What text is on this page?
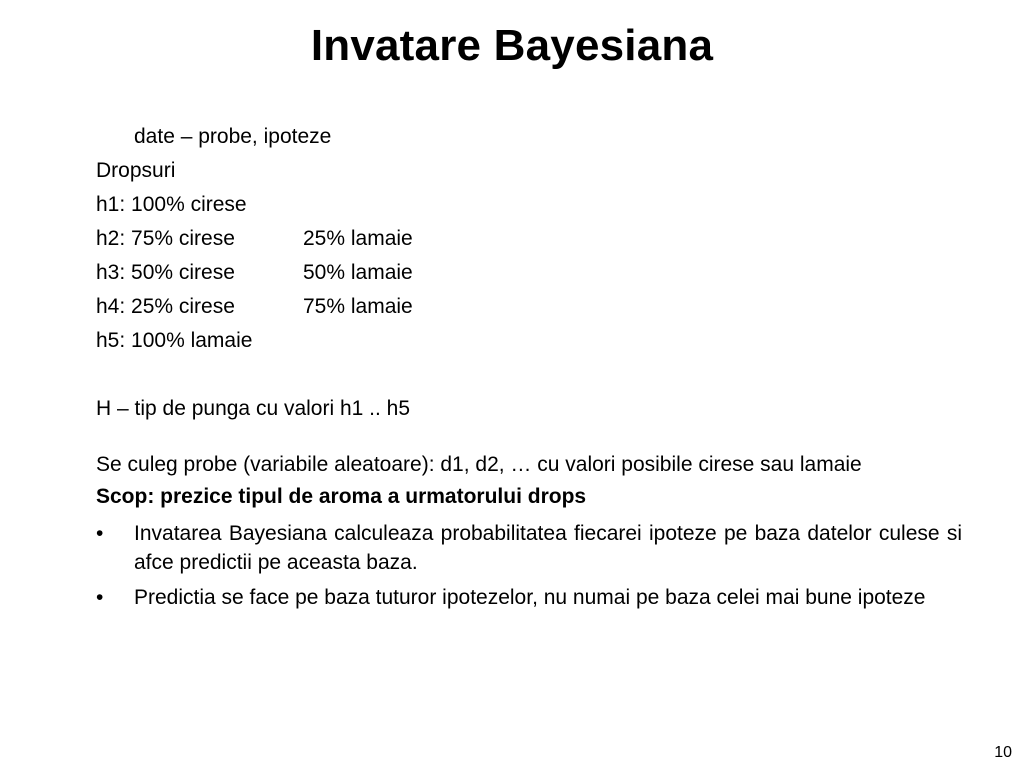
Invatare Bayesiana
date – probe, ipoteze
Dropsuri
h1: 100% cirese
h2: 75% cirese	25% lamaie
h3: 50% cirese	50% lamaie
h4: 25% cirese	75% lamaie
h5: 100% lamaie
H – tip de punga cu valori h1 .. h5
Se culeg probe (variabile aleatoare): d1, d2, … cu valori posibile cirese sau lamaie
Scop: prezice tipul de aroma a urmatorului drops
• Invatarea Bayesiana calculeaza probabilitatea fiecarei ipoteze pe baza datelor culese si afce predictii pe aceasta baza.
• Predictia se face pe baza tuturor ipotezelor, nu numai pe baza celei mai bune ipoteze
10
